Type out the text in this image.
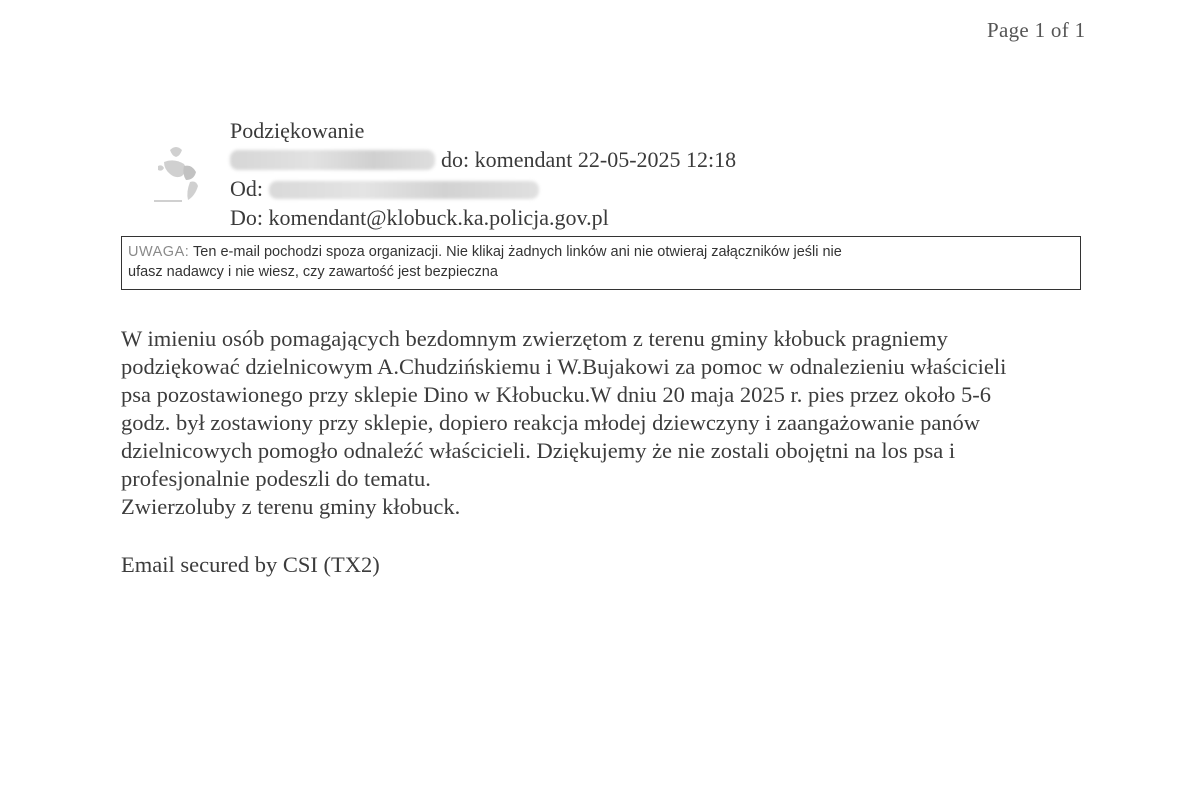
Page 1 of 1
Podziękowanie
do: komendant 22-05-2025 12:18
Od:
Do: komendant@klobuck.ka.policja.gov.pl
UWAGA: Ten e-mail pochodzi spoza organizacji. Nie klikaj żadnych linków ani nie otwieraj załączników jeśli nie
ufasz nadawcy i nie wiesz, czy zawartość jest bezpieczna

W imieniu osób pomagających bezdomnym zwierzętom z terenu gminy kłobuck pragniemy

podziękować dzielnicowym A.Chudzińskiemu i W.Bujakowi za pomoc w odnalezieniu właścicieli

psa pozostawionego przy sklepie Dino w Kłobucku.W dniu 20 maja 2025 r. pies przez około 5-6

godz. był zostawiony przy sklepie, dopiero reakcja młodej dziewczyny i zaangażowanie panów

dzielnicowych pomogło odnaleźć właścicieli. Dziękujemy że nie zostali obojętni na los psa i

profesjonalnie podeszli do tematu.

Zwierzoluby z terenu gminy kłobuck.

Email secured by CSI (TX2)
